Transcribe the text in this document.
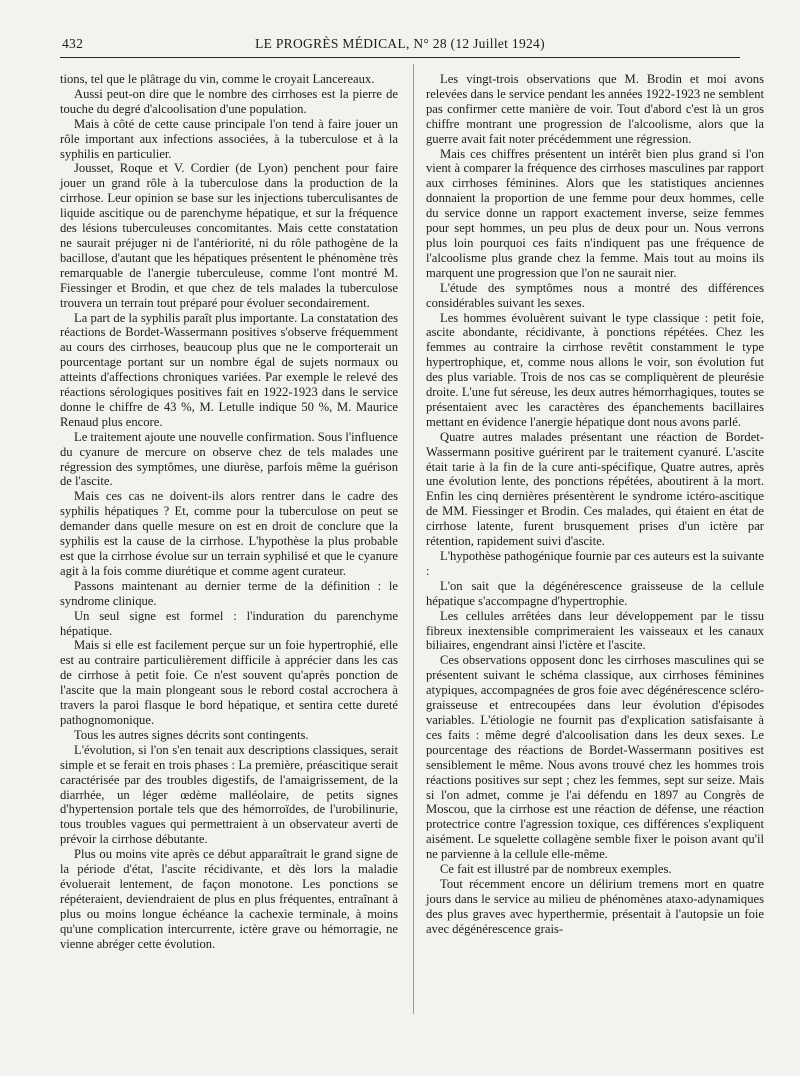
432	LE PROGRÈS MÉDICAL, N° 28 (12 Juillet 1924)

tions, tel que le plâtrage du vin, comme le croyait Lancereaux.

Aussi peut-on dire que le nombre des cirrhoses est la pierre de touche du degré d'alcoolisation d'une population.

Mais à côté de cette cause principale l'on tend à faire jouer un rôle important aux infections associées, à la tuberculose et à la syphilis en particulier.

Jousset, Roque et V. Cordier (de Lyon) penchent pour faire jouer un grand rôle à la tuberculose dans la production de la cirrhose. Leur opinion se base sur les injections tuberculisantes de liquide ascitique ou de parenchyme hépatique, et sur la fréquence des lésions tuberculeuses concomitantes. Mais cette constatation ne saurait préjuger ni de l'antériorité, ni du rôle pathogène de la bacillose, d'autant que les hépatiques présentent le phénomène très remarquable de l'anergie tuberculeuse, comme l'ont montré M. Fiessinger et Brodin, et que chez de tels malades la tuberculose trouvera un terrain tout préparé pour évoluer secondairement.

La part de la syphilis paraît plus importante. La constatation des réactions de Bordet-Wassermann positives s'observe fréquemment au cours des cirrhoses, beaucoup plus que ne le comporterait un pourcentage portant sur un nombre égal de sujets normaux ou atteints d'affections chroniques variées. Par exemple le relevé des réactions sérologiques positives fait en 1922-1923 dans le service donne le chiffre de 43 %, M. Letulle indique 50 %, M. Maurice Renaud plus encore.

Le traitement ajoute une nouvelle confirmation. Sous l'influence du cyanure de mercure on observe chez de tels malades une régression des symptômes, une diurèse, parfois même la guérison de l'ascite.

Mais ces cas ne doivent-ils alors rentrer dans le cadre des syphilis hépatiques ? Et, comme pour la tuberculose on peut se demander dans quelle mesure on est en droit de conclure que la syphilis est la cause de la cirrhose. L'hypothèse la plus probable est que la cirrhose évolue sur un terrain syphilisé et que le cyanure agit à la fois comme diurétique et comme agent curateur.

Passons maintenant au dernier terme de la définition : le syndrome clinique.

Un seul signe est formel : l'induration du parenchyme hépatique.

Mais si elle est facilement perçue sur un foie hypertrophié, elle est au contraire particulièrement difficile à apprécier dans les cas de cirrhose à petit foie. Ce n'est souvent qu'après ponction de l'ascite que la main plongeant sous le rebord costal accrochera à travers la paroi flasque le bord hépatique, et sentira cette dureté pathognomonique.

Tous les autres signes décrits sont contingents.

L'évolution, si l'on s'en tenait aux descriptions classiques, serait simple et se ferait en trois phases : La première, préascitique serait caractérisée par des troubles digestifs, de l'amaigrissement, de la diarrhée, un léger œdème malléolaire, de petits signes d'hypertension portale tels que des hémorroïdes, de l'urobilinurie, tous troubles vagues qui permettraient à un observateur averti de prévoir la cirrhose débutante.

Plus ou moins vite après ce début apparaîtrait le grand signe de la période d'état, l'ascite récidivante, et dès lors la maladie évoluerait lentement, de façon monotone. Les ponctions se répéteraient, deviendraient de plus en plus fréquentes, entraînant à plus ou moins longue échéance la cachexie terminale, à moins qu'une complication intercurrente, ictère grave ou hémorragie, ne vienne abréger cette évolution.

Les vingt-trois observations que M. Brodin et moi avons relevées dans le service pendant les années 1922-1923 ne semblent pas confirmer cette manière de voir. Tout d'abord c'est là un gros chiffre montrant une progression de l'alcoolisme, alors que la guerre avait fait noter précédemment une régression.

Mais ces chiffres présentent un intérêt bien plus grand si l'on vient à comparer la fréquence des cirrhoses masculines par rapport aux cirrhoses féminines. Alors que les statistiques anciennes donnaient la proportion de une femme pour deux hommes, celle du service donne un rapport exactement inverse, seize femmes pour sept hommes, un peu plus de deux pour un. Nous verrons plus loin pourquoi ces faits n'indiquent pas une fréquence de l'alcoolisme plus grande chez la femme. Mais tout au moins ils marquent une progression que l'on ne saurait nier.

L'étude des symptômes nous a montré des différences considérables suivant les sexes.

Les hommes évoluèrent suivant le type classique : petit foie, ascite abondante, récidivante, à ponctions répétées. Chez les femmes au contraire la cirrhose revêtit constamment le type hypertrophique, et, comme nous allons le voir, son évolution fut des plus variable. Trois de nos cas se compliquèrent de pleurésie droite. L'une fut séreuse, les deux autres hémorrhagiques, toutes se présentaient avec les caractères des épanchements bacillaires mettant en évidence l'anergie hépatique dont nous avons parlé.

Quatre autres malades présentant une réaction de Bordet-Wassermann positive guérirent par le traitement cyanuré. L'ascite était tarie à la fin de la cure anti-spécifique, Quatre autres, après une évolution lente, des ponctions répétées, aboutirent à la mort. Enfin les cinq dernières présentèrent le syndrome ictéro-ascitique de MM. Fiessinger et Brodin. Ces malades, qui étaient en état de cirrhose latente, furent brusquement prises d'un ictère par rétention, rapidement suivi d'ascite.

L'hypothèse pathogénique fournie par ces auteurs est la suivante :

L'on sait que la dégénérescence graisseuse de la cellule hépatique s'accompagne d'hypertrophie.

Les cellules arrêtées dans leur développement par le tissu fibreux inextensible comprimeraient les vaisseaux et les canaux biliaires, engendrant ainsi l'ictère et l'ascite.

Ces observations opposent donc les cirrhoses masculines qui se présentent suivant le schéma classique, aux cirrhoses féminines atypiques, accompagnées de gros foie avec dégénérescence scléro-graisseuse et entrecoupées dans leur évolution d'épisodes variables. L'étiologie ne fournit pas d'explication satisfaisante à ces faits : même degré d'alcoolisation dans les deux sexes. Le pourcentage des réactions de Bordet-Wassermann positives est sensiblement le même. Nous avons trouvé chez les hommes trois réactions positives sur sept ; chez les femmes, sept sur seize. Mais si l'on admet, comme je l'ai défendu en 1897 au Congrès de Moscou, que la cirrhose est une réaction de défense, une réaction protectrice contre l'agression toxique, ces différences s'expliquent aisément. Le squelette collagène semble fixer le poison avant qu'il ne parvienne à la cellule elle-même.

Ce fait est illustré par de nombreux exemples.

Tout récemment encore un délirium tremens mort en quatre jours dans le service au milieu de phénomènes ataxo-adynamiques des plus graves avec hyperthermie, présentait à l'autopsie un foie avec dégénérescence grais-
